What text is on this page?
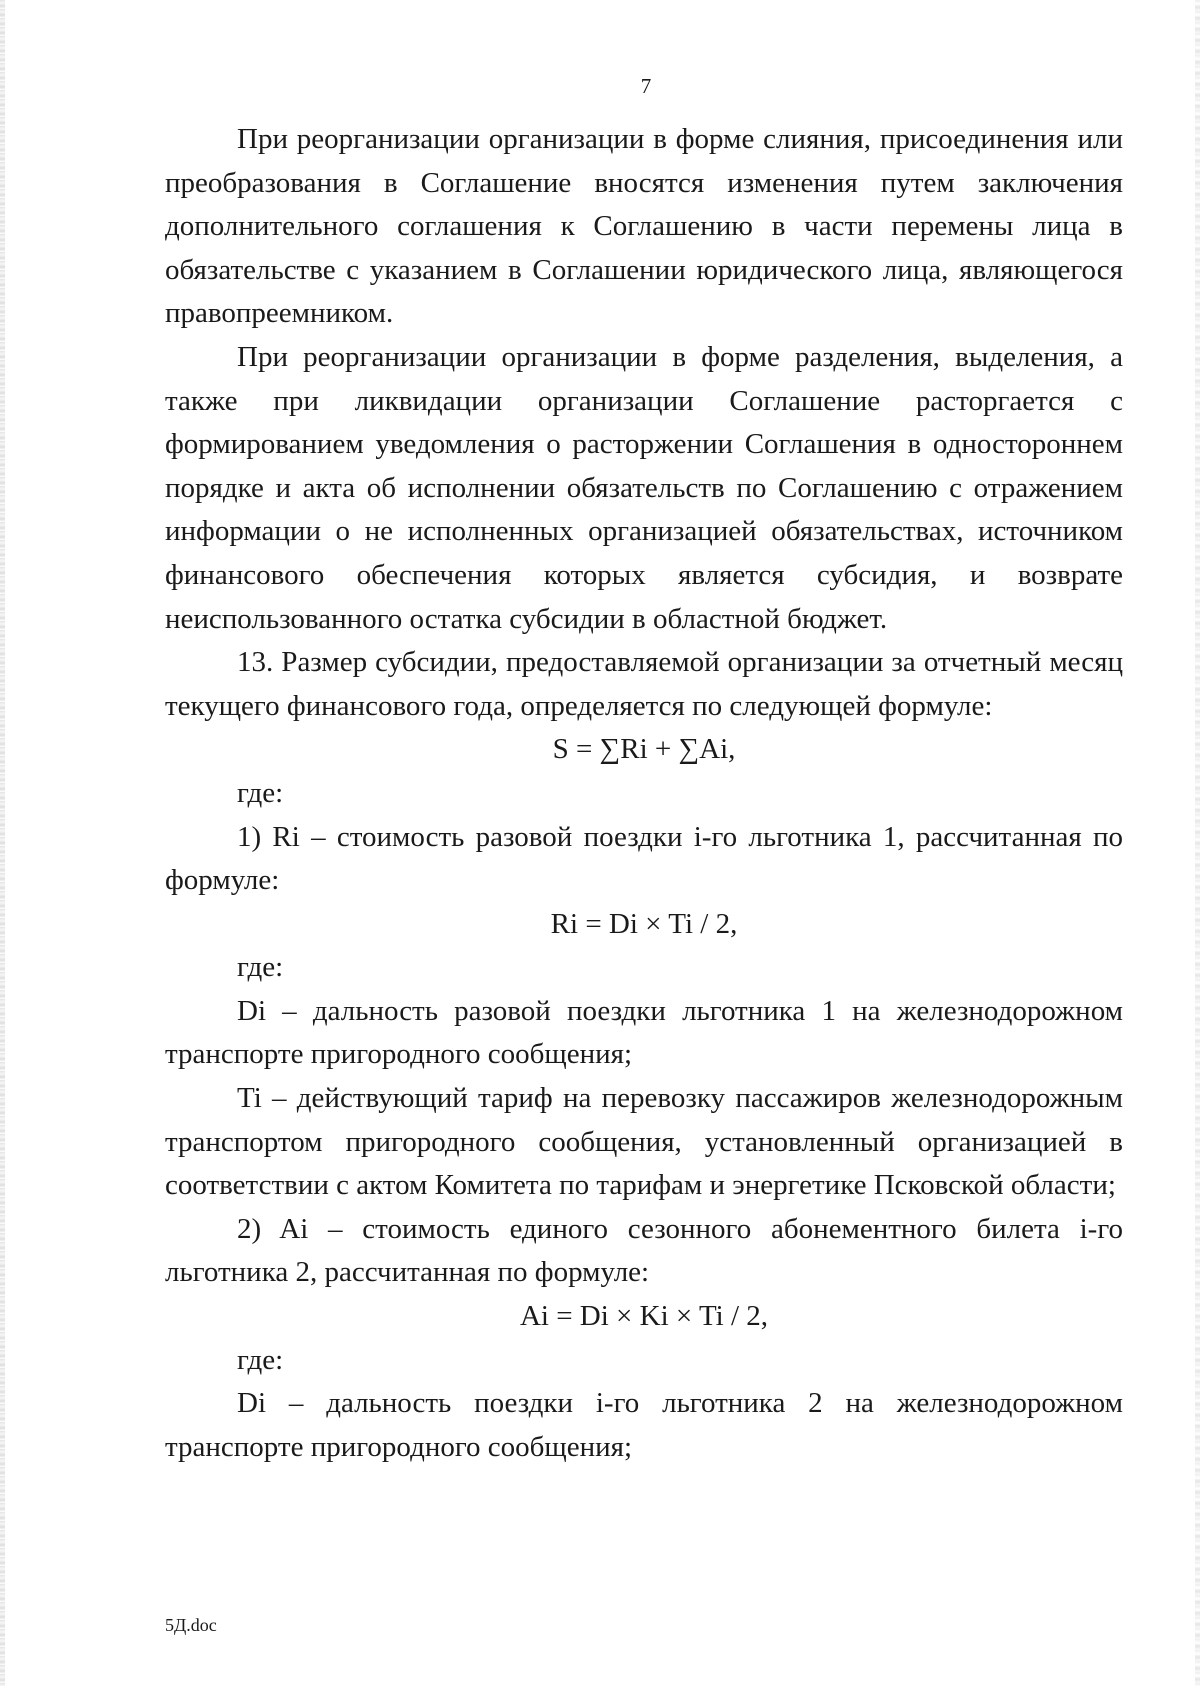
7

При реорганизации организации в форме слияния, присоединения или преобразования в Соглашение вносятся изменения путем заключения дополнительного соглашения к Соглашению в части перемены лица в обязательстве с указанием в Соглашении юридического лица, являющегося правопреемником.

При реорганизации организации в форме разделения, выделения, а также при ликвидации организации Соглашение расторгается с формированием уведомления о расторжении Соглашения в одностороннем порядке и акта об исполнении обязательств по Соглашению с отражением информации о не исполненных организацией обязательствах, источником финансового обеспечения которых является субсидия, и возврате неиспользованного остатка субсидии в областной бюджет.

13. Размер субсидии, предоставляемой организации за отчетный месяц текущего финансового года, определяется по следующей формуле:

S = ∑Ri + ∑Ai,

где:

1) Ri – стоимость разовой поездки i-го льготника 1, рассчитанная по формуле:

Ri = Di × Ti / 2,

где:

Di – дальность разовой поездки льготника 1 на железнодорожном транспорте пригородного сообщения;

Ti – действующий тариф на перевозку пассажиров железнодорожным транспортом пригородного сообщения, установленный организацией в соответствии с актом Комитета по тарифам и энергетике Псковской области;

2) Ai – стоимость единого сезонного абонементного билета i-го льготника 2, рассчитанная по формуле:

Ai = Di × Ki × Ti / 2,

где:

Di – дальность поездки i-го льготника 2 на железнодорожном транспорте пригородного сообщения;

5Д.doc
